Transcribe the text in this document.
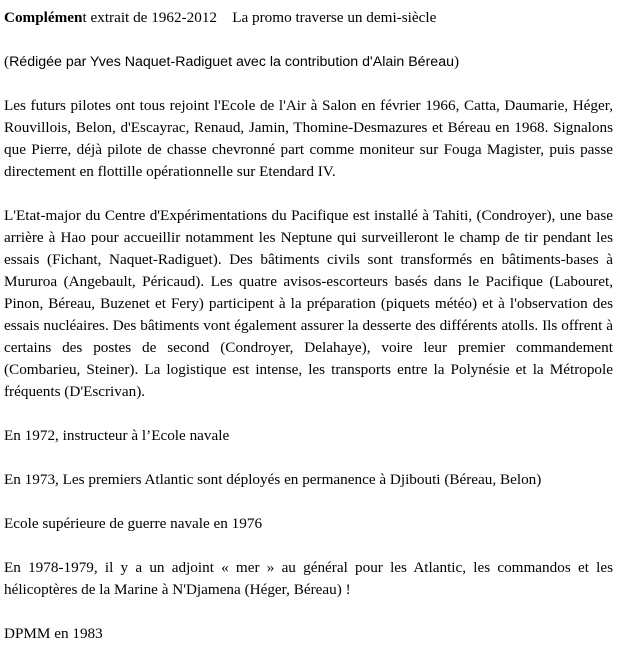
Complément extrait de 1962-2012 La promo traverse un demi-siècle

(Rédigée par Yves Naquet-Radiguet avec la contribution d'Alain Béreau)

Les futurs pilotes ont tous rejoint l'Ecole de l'Air à Salon en février 1966, Catta, Daumarie, Héger, Rouvillois, Belon, d'Escayrac, Renaud, Jamin, Thomine-Desmazures et Béreau en 1968. Signalons que Pierre, déjà pilote de chasse chevronné part comme moniteur sur Fouga Magister, puis passe directement en flottille opérationnelle sur Etendard IV.

L'Etat-major du Centre d'Expérimentations du Pacifique est installé à Tahiti, (Condroyer), une base arrière à Hao pour accueillir notamment les Neptune qui surveilleront le champ de tir pendant les essais (Fichant, Naquet-Radiguet). Des bâtiments civils sont transformés en bâtiments-bases à Mururoa (Angebault, Péricaud). Les quatre avisos-escorteurs basés dans le Pacifique (Labouret, Pinon, Béreau, Buzenet et Fery) participent à la préparation (piquets météo) et à l'observation des essais nucléaires. Des bâtiments vont également assurer la desserte des différents atolls. Ils offrent à certains des postes de second (Condroyer, Delahaye), voire leur premier commandement (Combarieu, Steiner). La logistique est intense, les transports entre la Polynésie et la Métropole fréquents (D'Escrivan).

En 1972, instructeur à l’Ecole navale

En 1973, Les premiers Atlantic sont déployés en permanence à Djibouti (Béreau, Belon)

Ecole supérieure de guerre navale en 1976

En 1978-1979, il y a un adjoint « mer » au général pour les Atlantic, les commandos et les hélicoptères de la Marine à N'Djamena (Héger, Béreau) !

DPMM en 1983
